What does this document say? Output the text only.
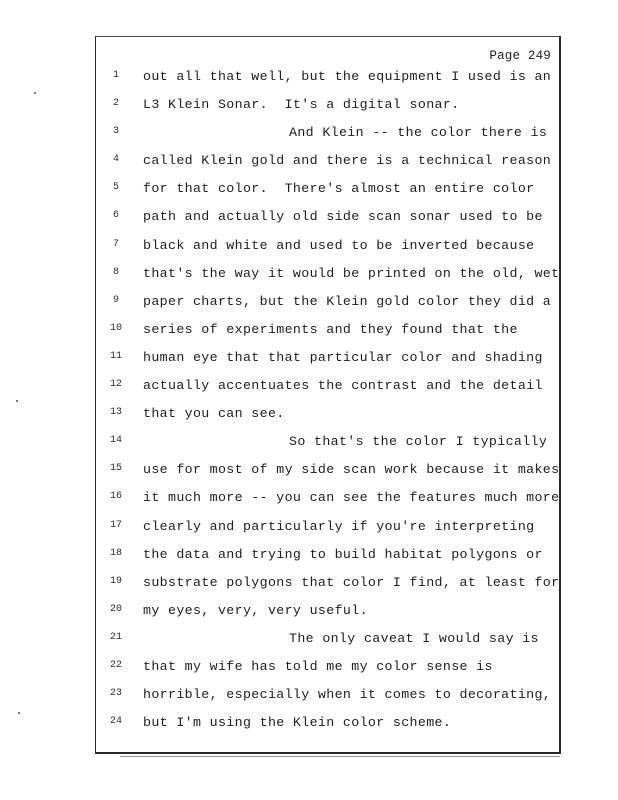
Page 249
1	out all that well, but the equipment I used is an
2	L3 Klein Sonar.  It's a digital sonar.
3	And Klein -- the color there is
4	called Klein gold and there is a technical reason
5	for that color.  There's almost an entire color
6	path and actually old side scan sonar used to be
7	black and white and used to be inverted because
8	that's the way it would be printed on the old, wet
9	paper charts, but the Klein gold color they did a
10 series of experiments and they found that the
11 human eye that that particular color and shading
12 actually accentuates the contrast and the detail
13 that you can see.
14	So that's the color I typically
15 use for most of my side scan work because it makes
16 it much more -- you can see the features much more
17 clearly and particularly if you're interpreting
18 the data and trying to build habitat polygons or
19 substrate polygons that color I find, at least for
20 my eyes, very, very useful.
21	The only caveat I would say is
22 that my wife has told me my color sense is
23 horrible, especially when it comes to decorating,
24 but I'm using the Klein color scheme.
